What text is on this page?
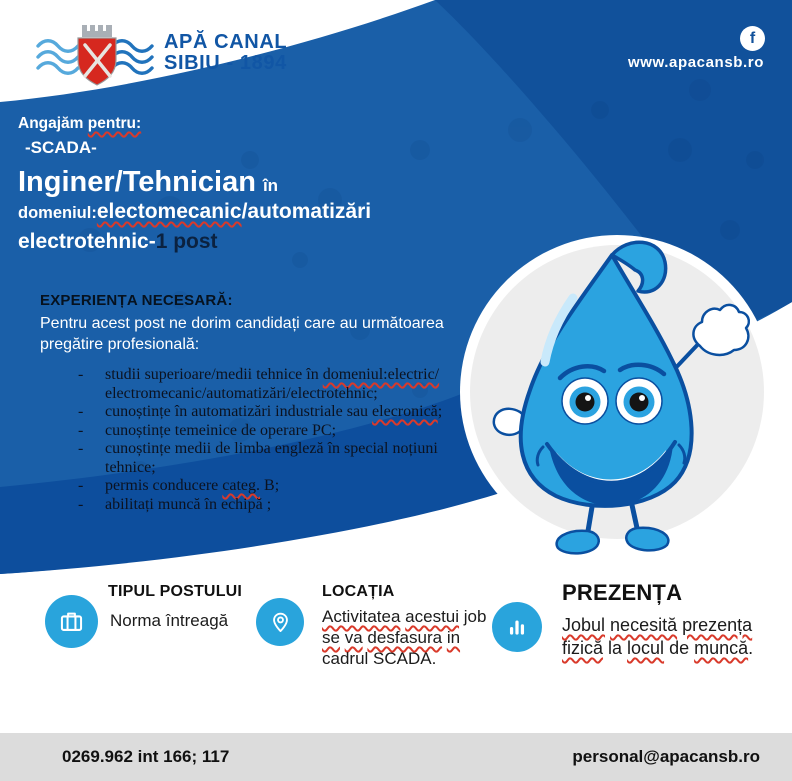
APĂ CANAL
SIBIU - 1894
f
www.apacansb.ro
Angajăm pentru:
-SCADA-
Inginer/Tehnician în
domeniul:electomecanic/automatizări
electrotehnic-1 post
EXPERIENȚA NECESARĂ:
Pentru acest post ne dorim candidați care au următoarea pregătire profesională:
-	studii superioare/medii tehnice în domeniul:electric/ electromecanic/automatizări/electrotehnic;
-	cunoștințe în automatizări industriale sau elecronică;
-	cunoștințe temeinice de operare PC;
-	cunoștințe medii de limba engleză în special noțiuni tehnice;
-	permis conducere categ. B;
-	abilitați muncă în echipă ;
TIPUL POSTULUI
Norma întreagă
LOCAȚIA
Activitatea acestui job se va desfasura in cadrul SCADA.
PREZENȚA
Jobul necesită prezența fizică la locul de muncă.
0269.962 int 166; 117	personal@apacansb.ro
